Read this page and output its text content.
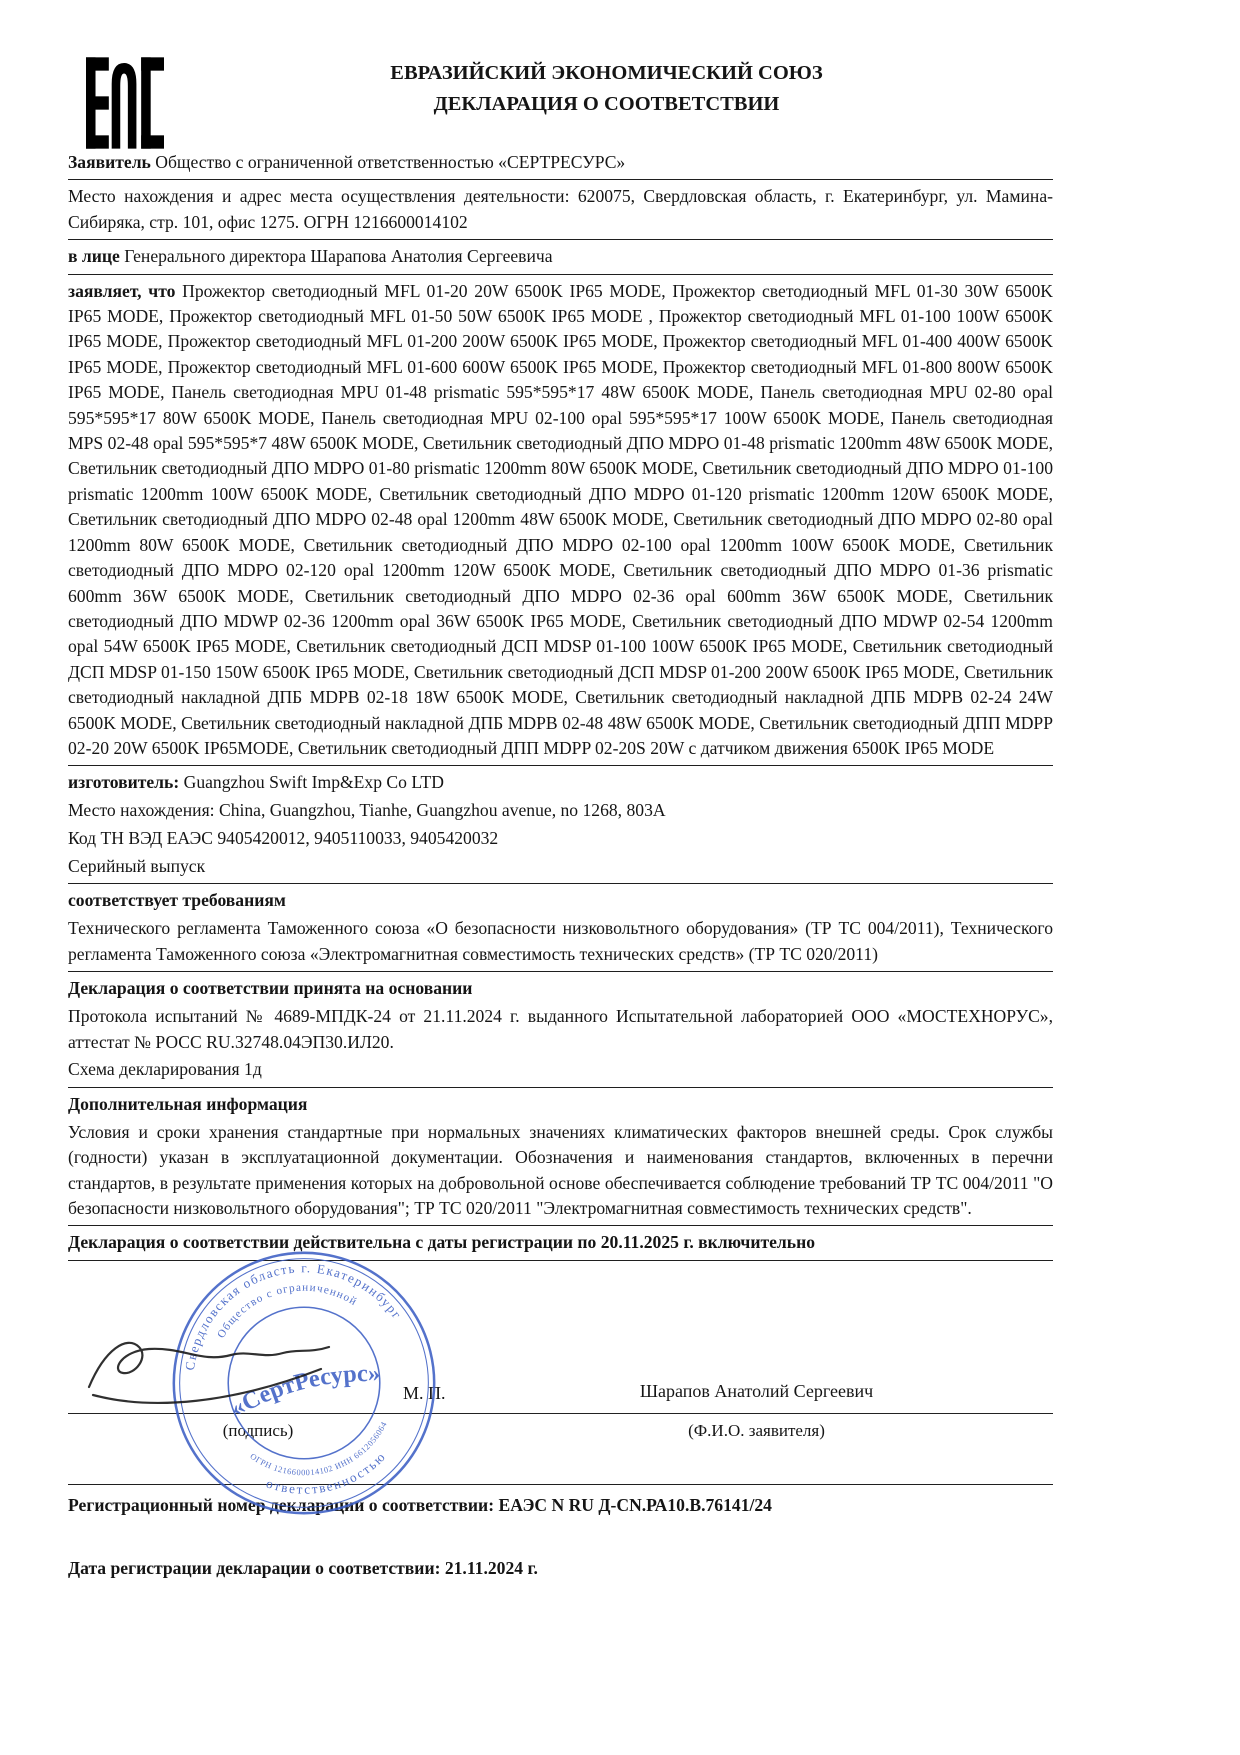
ЕВРАЗИЙСКИЙ ЭКОНОМИЧЕСКИЙ СОЮЗ
ДЕКЛАРАЦИЯ О СООТВЕТСТВИИ

Заявитель Общество с ограниченной ответственностью «СЕРТРЕСУРС»

Место нахождения и адрес места осуществления деятельности: 620075, Свердловская область, г. Екатеринбург, ул. Мамина-Сибиряка, стр. 101, офис 1275. ОГРН 1216600014102

в лице Генерального директора Шарапова Анатолия Сергеевича

заявляет, что Прожектор светодиодный MFL 01-20 20W 6500K IP65 MODE, Прожектор светодиодный MFL 01-30 30W 6500K IP65 MODE, Прожектор светодиодный MFL 01-50 50W 6500K IP65 MODE , Прожектор светодиодный MFL 01-100 100W 6500K IP65 MODE, Прожектор светодиодный MFL 01-200 200W 6500K IP65 MODE, Прожектор светодиодный MFL 01-400 400W 6500K IP65 MODE, Прожектор светодиодный MFL 01-600 600W 6500K IP65 MODE, Прожектор светодиодный MFL 01-800 800W 6500K IP65 MODE, Панель светодиодная MPU 01-48 prismatic 595*595*17 48W 6500K MODE, Панель светодиодная MPU 02-80 opal 595*595*17 80W 6500K MODE, Панель светодиодная MPU 02-100 opal 595*595*17 100W 6500K MODE, Панель светодиодная MPS 02-48 opal 595*595*7 48W 6500K MODE, Светильник светодиодный ДПО MDPO 01-48 prismatic 1200mm 48W 6500K MODE, Светильник светодиодный ДПО MDPO 01-80 prismatic 1200mm 80W 6500K MODE, Светильник светодиодный ДПО MDPO 01-100 prismatic 1200mm 100W 6500K MODE, Светильник светодиодный ДПО MDPO 01-120 prismatic 1200mm 120W 6500K MODE, Светильник светодиодный ДПО MDPO 02-48 opal 1200mm 48W 6500K MODE, Светильник светодиодный ДПО MDPO 02-80 opal 1200mm 80W 6500K MODE, Светильник светодиодный ДПО MDPO 02-100 opal 1200mm 100W 6500K MODE, Светильник светодиодный ДПО MDPO 02-120 opal 1200mm 120W 6500K MODE, Светильник светодиодный ДПО MDPO 01-36 prismatic 600mm 36W 6500K MODE, Светильник светодиодный ДПО MDPO 02-36 opal 600mm 36W 6500K MODE, Светильник светодиодный ДПО MDWP 02-36 1200mm opal 36W 6500K IP65 MODE, Светильник светодиодный ДПО MDWP 02-54 1200mm opal 54W 6500K IP65 MODE, Светильник светодиодный ДСП MDSP 01-100 100W 6500K IP65 MODE, Светильник светодиодный ДСП MDSP 01-150 150W 6500K IP65 MODE, Светильник светодиодный ДСП MDSP 01-200 200W 6500K IP65 MODE, Светильник светодиодный накладной ДПБ MDPB 02-18 18W 6500K MODE, Светильник светодиодный накладной ДПБ MDPB 02-24 24W 6500K MODE, Светильник светодиодный накладной ДПБ MDPB 02-48 48W 6500K MODE, Светильник светодиодный ДПП MDPP 02-20 20W 6500K IP65MODE, Светильник светодиодный ДПП MDPP 02-20S 20W с датчиком движения 6500K IP65 MODE

изготовитель: Guangzhou Swift Imp&Exp Co LTD

Место нахождения: China, Guangzhou, Tianhe, Guangzhou avenue, no 1268, 803A

Код ТН ВЭД ЕАЭС 9405420012, 9405110033, 9405420032

Серийный выпуск

соответствует требованиям

Технического регламента Таможенного союза «О безопасности низковольтного оборудования» (ТР ТС 004/2011), Технического регламента Таможенного союза «Электромагнитная совместимость технических средств» (ТР ТС 020/2011)

Декларация о соответствии принята на основании

Протокола испытаний № 4689-МПДК-24 от 21.11.2024 г. выданного Испытательной лабораторией ООО «МОСТЕХНОРУС», аттестат № РОСС RU.32748.04ЭП30.ИЛ20.

Схема декларирования 1д

Дополнительная информация

Условия и сроки хранения стандартные при нормальных значениях климатических факторов внешней среды. Срок службы (годности) указан в эксплуатационной документации. Обозначения и наименования стандартов, включенных в перечни стандартов, в результате применения которых на добровольной основе обеспечивается соблюдение требований ТР ТС 004/2011 "О безопасности низковольтного оборудования"; ТР ТС 020/2011 "Электромагнитная совместимость технических средств".

Декларация о соответствии действительна с даты регистрации по 20.11.2025 г. включительно

Свердловская область г. Екатеринбург
ответственностью
Общество с ограниченной
ОГРН 1216600014102 ИНН 6612056064
«СертРесурс»
М. П.
(подпись)
Шарапов Анатолий Сергеевич
(Ф.И.О. заявителя)

Регистрационный номер декларации о соответствии: ЕАЭС N RU Д-CN.РА10.В.76141/24

Дата регистрации декларации о соответствии: 21.11.2024 г.
